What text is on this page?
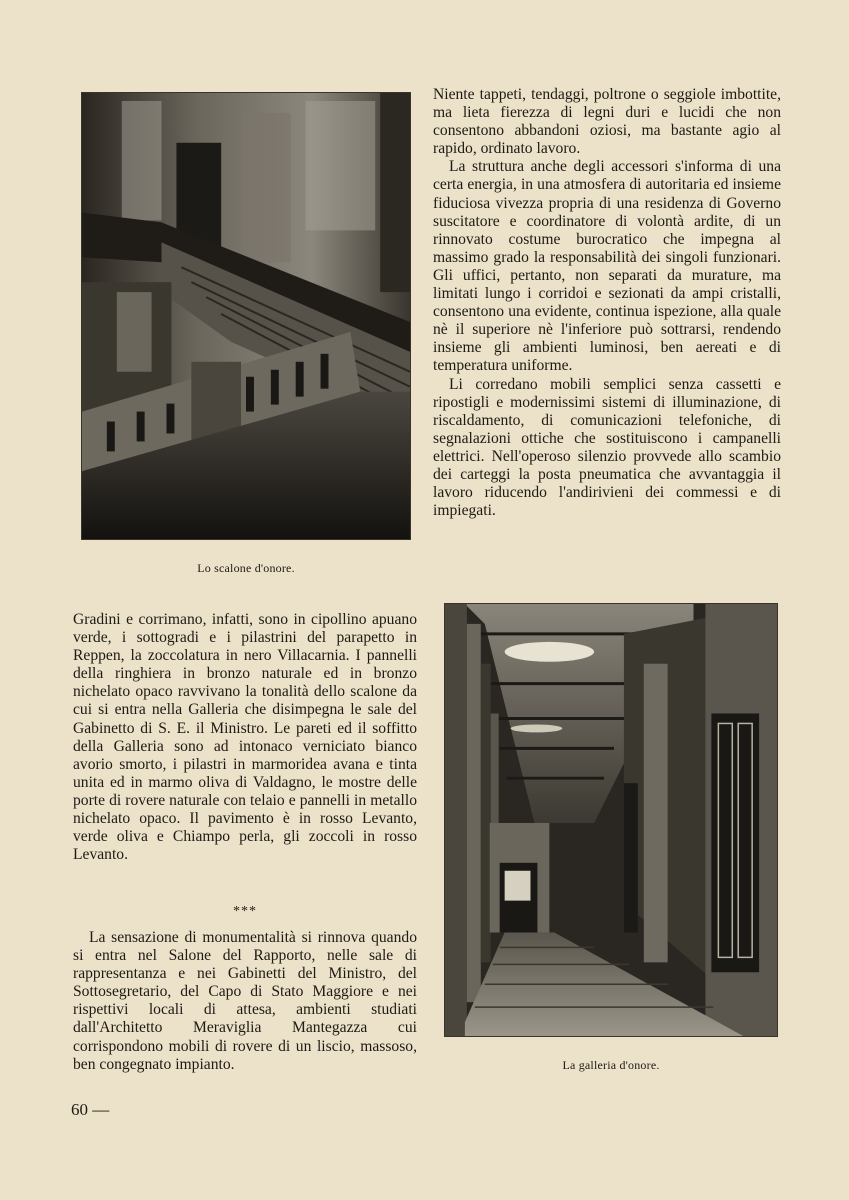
Lo scalone d'onore.

Niente tappeti, tendaggi, poltrone o seggiole imbottite, ma lieta fierezza di legni duri e lucidi che non consentono abbandoni oziosi, ma bastante agio al rapido, ordinato lavoro.

La struttura anche degli accessori s'informa di una certa energia, in una atmosfera di autoritaria ed insieme fiduciosa vivezza propria di una residenza di Governo suscitatore e coordinatore di volontà ardite, di un rinnovato costume burocratico che impegna al massimo grado la responsabilità dei singoli funzionari. Gli uffici, pertanto, non separati da murature, ma limitati lungo i corridoi e sezionati da ampi cristalli, consentono una evidente, continua ispezione, alla quale nè il superiore nè l'inferiore può sottrarsi, rendendo insieme gli ambienti luminosi, ben aereati e di temperatura uniforme.

Li corredano mobili semplici senza cassetti e ripostigli e modernissimi sistemi di illuminazione, di riscaldamento, di comunicazioni telefoniche, di segnalazioni ottiche che sostituiscono i campanelli elettrici. Nell'operoso silenzio provvede allo scambio dei carteggi la posta pneumatica che avvantaggia il lavoro riducendo l'andirivieni dei commessi e di impiegati.

Gradini e corrimano, infatti, sono in cipollino apuano verde, i sottogradi e i pilastrini del parapetto in Reppen, la zoccolatura in nero Villacarnia. I pannelli della ringhiera in bronzo naturale ed in bronzo nichelato opaco ravvivano la tonalità dello scalone da cui si entra nella Galleria che disimpegna le sale del Gabinetto di S. E. il Ministro. Le pareti ed il soffitto della Galleria sono ad intonaco verniciato bianco avorio smorto, i pilastri in marmoridea avana e tinta unita ed in marmo oliva di Valdagno, le mostre delle porte di rovere naturale con telaio e pannelli in metallo nichelato opaco. Il pavimento è in rosso Levanto, verde oliva e Chiampo perla, gli zoccoli in rosso Levanto.

***

La sensazione di monumentalità si rinnova quando si entra nel Salone del Rapporto, nelle sale di rappresentanza e nei Gabinetti del Ministro, del Sottosegretario, del Capo di Stato Maggiore e nei rispettivi locali di attesa, ambienti studiati dall'Architetto Meraviglia Mantegazza cui corrispondono mobili di rovere di un liscio, massoso, ben congegnato impianto.	La galleria d'onore.
60 —
